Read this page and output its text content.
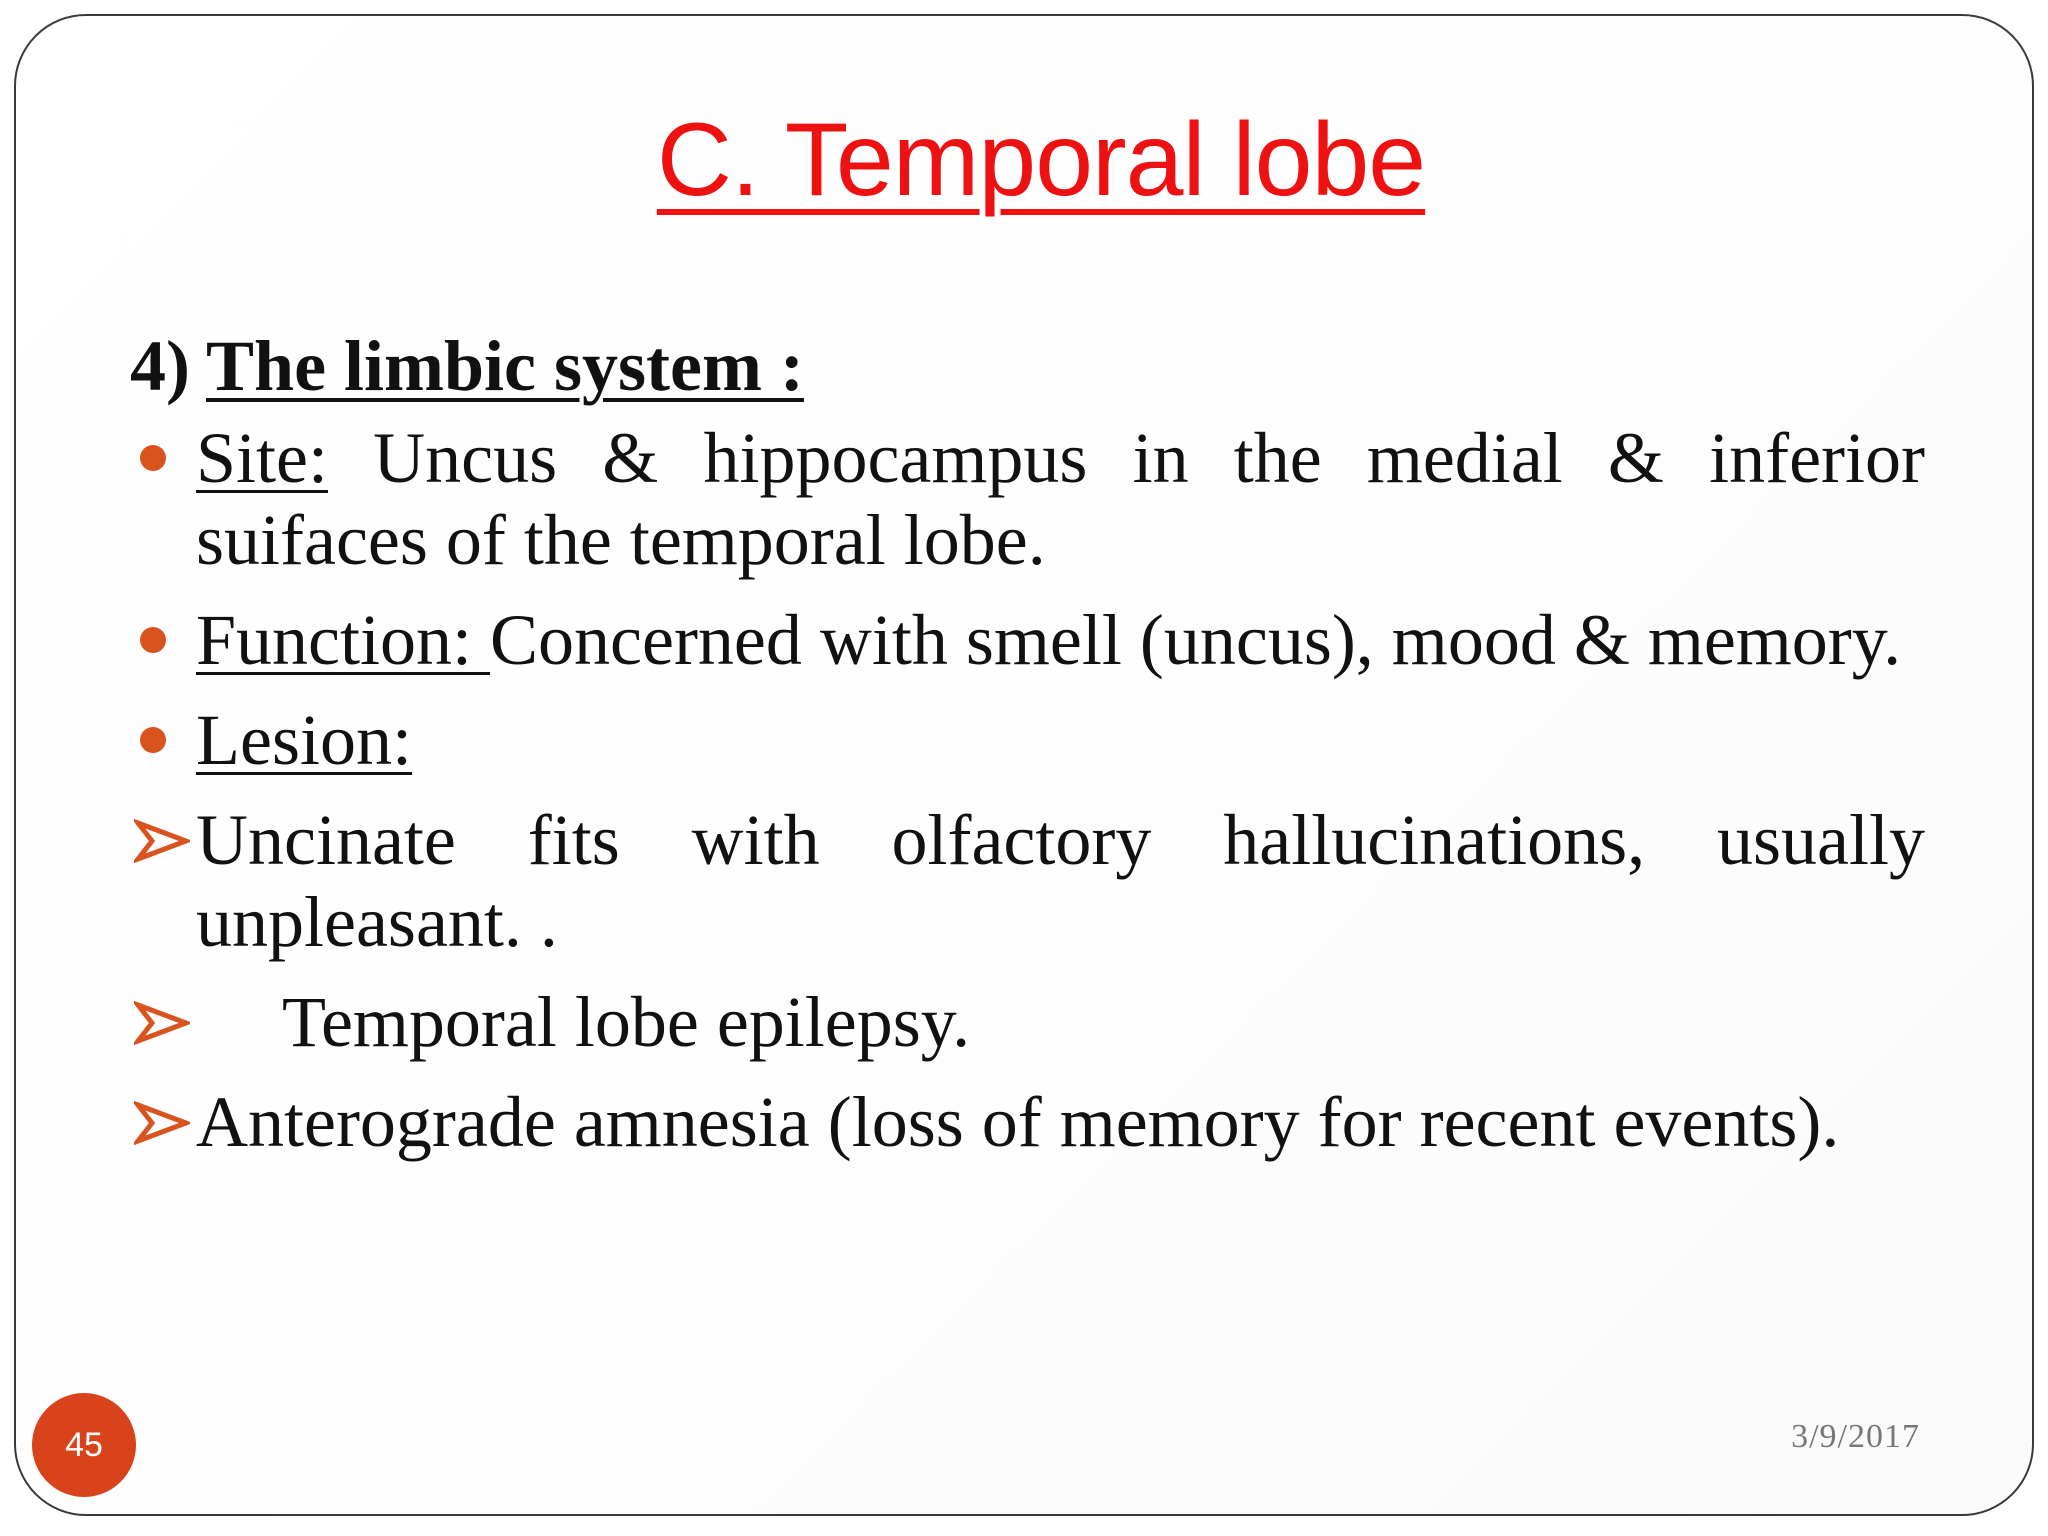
C. Temporal lobe
4) The limbic system :
Site: Uncus & hippocampus in the medial & inferior suifaces of the temporal lobe.
Function: Concerned with smell (uncus), mood & memory.
Lesion:
Uncinate fits with olfactory hallucinations, usually unpleasant. .
Temporal lobe epilepsy.
Anterograde amnesia (loss of memory for recent events).
45	3/9/2017
